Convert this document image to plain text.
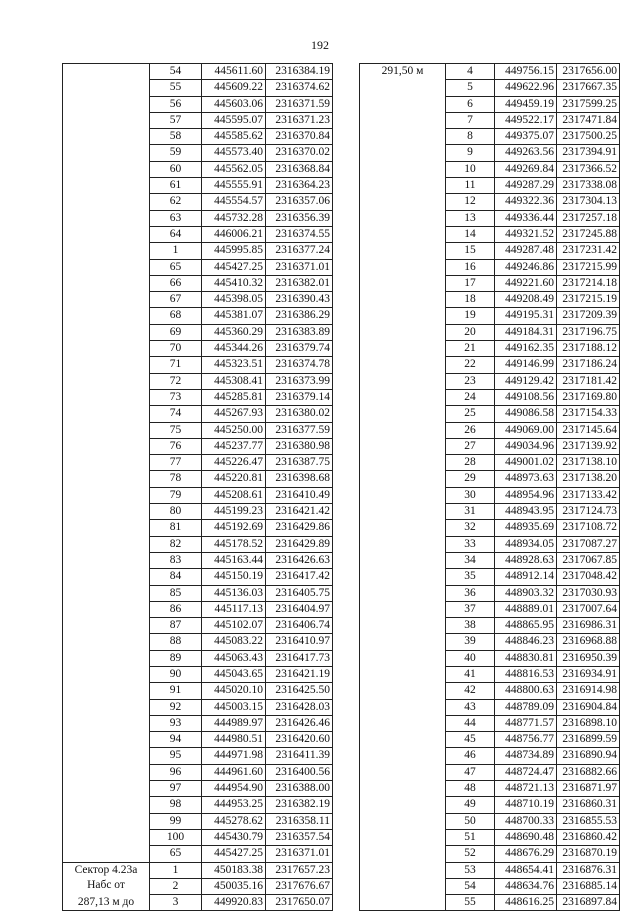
192
	54	445611.60	2316384.19
	55	445609.22	2316374.62
	56	445603.06	2316371.59
	57	445595.07	2316371.23
	58	445585.62	2316370.84
	59	445573.40	2316370.02
	60	445562.05	2316368.84
	61	445555.91	2316364.23
	62	445554.57	2316357.06
	63	445732.28	2316356.39
	64	446006.21	2316374.55
	1	445995.85	2316377.24
	65	445427.25	2316371.01
	66	445410.32	2316382.01
	67	445398.05	2316390.43
	68	445381.07	2316386.29
	69	445360.29	2316383.89
	70	445344.26	2316379.74
	71	445323.51	2316374.78
	72	445308.41	2316373.99
	73	445285.81	2316379.14
	74	445267.93	2316380.02
	75	445250.00	2316377.59
	76	445237.77	2316380.98
	77	445226.47	2316387.75
	78	445220.81	2316398.68
	79	445208.61	2316410.49
	80	445199.23	2316421.42
	81	445192.69	2316429.86
	82	445178.52	2316429.89
	83	445163.44	2316426.63
	84	445150.19	2316417.42
	85	445136.03	2316405.75
	86	445117.13	2316404.97
	87	445102.07	2316406.74
	88	445083.22	2316410.97
	89	445063.43	2316417.73
	90	445043.65	2316421.19
	91	445020.10	2316425.50
	92	445003.15	2316428.03
	93	444989.97	2316426.46
	94	444980.51	2316420.60
	95	444971.98	2316411.39
	96	444961.60	2316400.56
	97	444954.90	2316388.00
	98	444953.25	2316382.19
	99	445278.62	2316358.11
	100	445430.79	2316357.54
	65	445427.25	2316371.01
Сектор 4.23а	1	450183.38	2317657.23
Набс от	2	450035.16	2317676.67
287,13 м до	3	449920.83	2317650.07
291,50 м	4	449756.15	2317656.00
	5	449622.96	2317667.35
	6	449459.19	2317599.25
	7	449522.17	2317471.84
	8	449375.07	2317500.25
	9	449263.56	2317394.91
	10	449269.84	2317366.52
	11	449287.29	2317338.08
	12	449322.36	2317304.13
	13	449336.44	2317257.18
	14	449321.52	2317245.88
	15	449287.48	2317231.42
	16	449246.86	2317215.99
	17	449221.60	2317214.18
	18	449208.49	2317215.19
	19	449195.31	2317209.39
	20	449184.31	2317196.75
	21	449162.35	2317188.12
	22	449146.99	2317186.24
	23	449129.42	2317181.42
	24	449108.56	2317169.80
	25	449086.58	2317154.33
	26	449069.00	2317145.64
	27	449034.96	2317139.92
	28	449001.02	2317138.10
	29	448973.63	2317138.20
	30	448954.96	2317133.42
	31	448943.95	2317124.73
	32	448935.69	2317108.72
	33	448934.05	2317087.27
	34	448928.63	2317067.85
	35	448912.14	2317048.42
	36	448903.32	2317030.93
	37	448889.01	2317007.64
	38	448865.95	2316986.31
	39	448846.23	2316968.88
	40	448830.81	2316950.39
	41	448816.53	2316934.91
	42	448800.63	2316914.98
	43	448789.09	2316904.84
	44	448771.57	2316898.10
	45	448756.77	2316899.59
	46	448734.89	2316890.94
	47	448724.47	2316882.66
	48	448721.13	2316871.97
	49	448710.19	2316860.31
	50	448700.33	2316855.53
	51	448690.48	2316860.42
	52	448676.29	2316870.19
	53	448654.41	2316876.31
	54	448634.76	2316885.14
	55	448616.25	2316897.84
